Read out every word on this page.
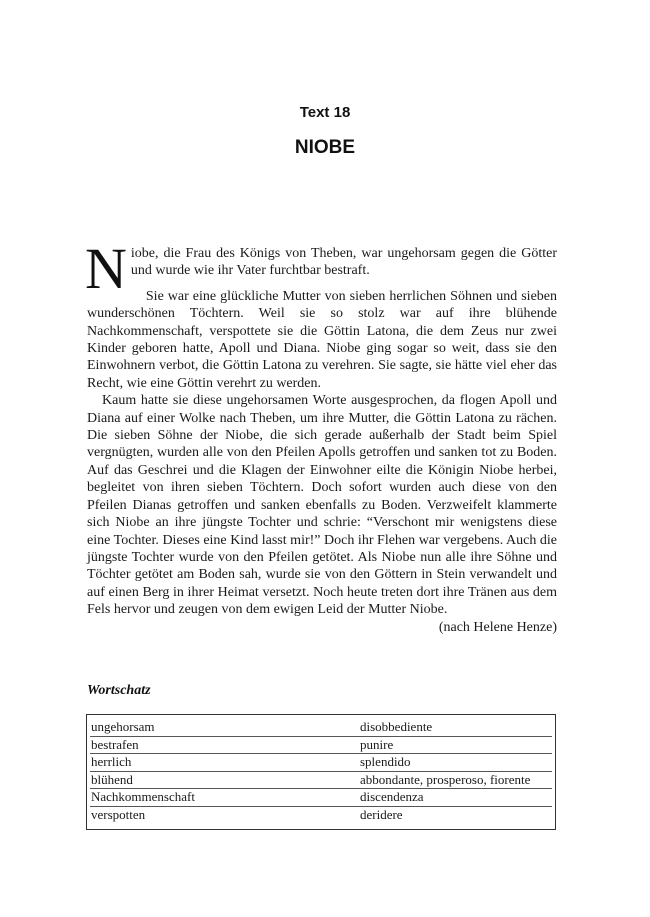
Text 18
NIOBE

Niobe, die Frau des Königs von Theben, war ungehorsam gegen die Götter und wurde wie ihr Vater furchtbar bestraft.

Sie war eine glückliche Mutter von sieben herrlichen Söhnen und sieben wunderschönen Töchtern. Weil sie so stolz war auf ihre blühende Nachkommenschaft, verspottete sie die Göttin Latona, die dem Zeus nur zwei Kinder geboren hatte, Apoll und Diana. Niobe ging sogar so weit, dass sie den Einwohnern verbot, die Göttin Latona zu verehren. Sie sagte, sie hätte viel eher das Recht, wie eine Göttin verehrt zu werden.

Kaum hatte sie diese ungehorsamen Worte ausgesprochen, da flogen Apoll und Diana auf einer Wolke nach Theben, um ihre Mutter, die Göttin Latona zu rächen. Die sieben Söhne der Niobe, die sich gerade außerhalb der Stadt beim Spiel vergnügten, wurden alle von den Pfeilen Apolls getroffen und sanken tot zu Boden. Auf das Geschrei und die Klagen der Einwohner eilte die Königin Niobe herbei, begleitet von ihren sieben Töchtern. Doch sofort wurden auch diese von den Pfeilen Dianas getroffen und sanken ebenfalls zu Boden. Verzweifelt klammerte sich Niobe an ihre jüngste Tochter und schrie: “Verschont mir wenigstens diese eine Tochter. Dieses eine Kind lasst mir!” Doch ihr Flehen war vergebens. Auch die jüngste Tochter wurde von den Pfeilen getötet. Als Niobe nun alle ihre Söhne und Töchter getötet am Boden sah, wurde sie von den Göttern in Stein verwandelt und auf einen Berg in ihrer Heimat versetzt. Noch heute treten dort ihre Tränen aus dem Fels hervor und zeugen von dem ewigen Leid der Mutter Niobe.

(nach Helene Henze)

Wortschatz
ungehorsam	disobbediente
bestrafen	punire
herrlich	splendido
blühend	abbondante, prosperoso, fiorente
Nachkommenschaft	discendenza
verspotten	deridere
